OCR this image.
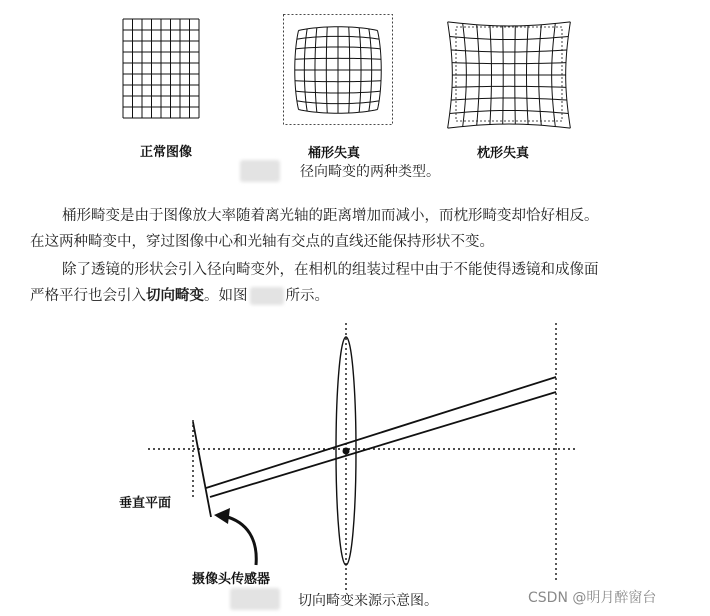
正常图像	桶形失真	枕形失真
径向畸变的两种类型。
桶形畸变是由于图像放大率随着离光轴的距离增加而减小，而枕形畸变却恰好相反。
在这两种畸变中，穿过图像中心和光轴有交点的直线还能保持形状不变。
除了透镜的形状会引入径向畸变外，在相机的组装过程中由于不能使得透镜和成像面
严格平行也会引入切向畸变。如图	所示。
垂直平面
摄像头传感器
切向畸变来源示意图。	CSDN @明月醉窗台
